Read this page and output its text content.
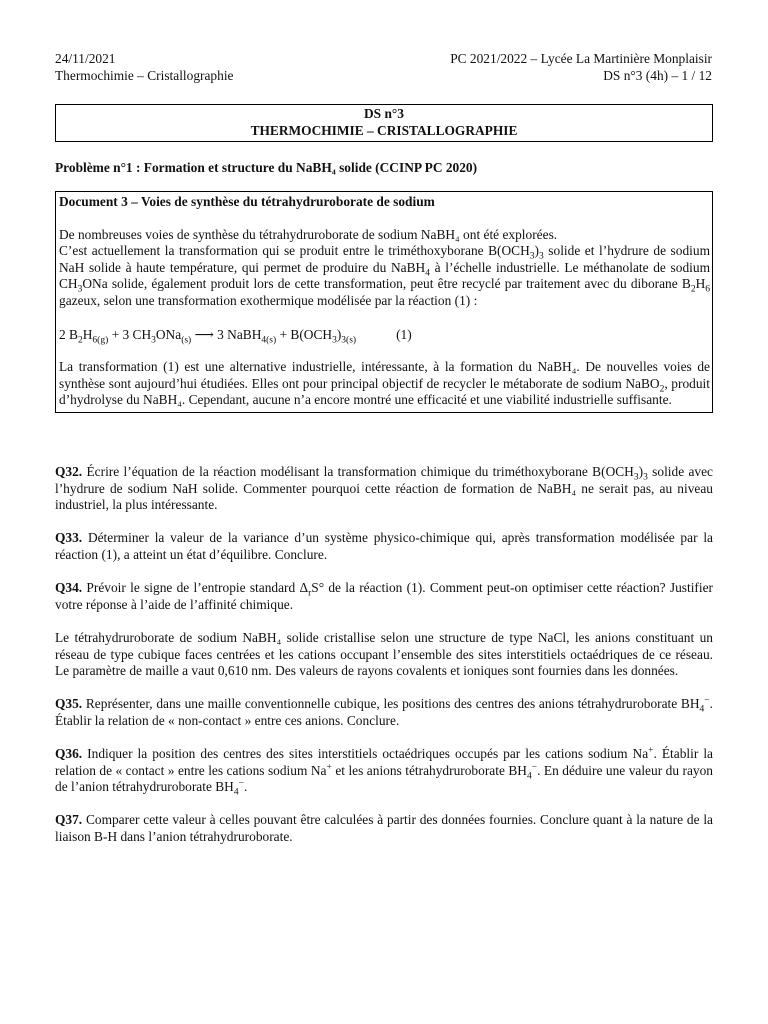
24/11/2021	PC 2021/2022 – Lycée La Martinière Monplaisir
Thermochimie – Cristallographie	DS n°3 (4h) – 1 / 12
DS n°3
THERMOCHIMIE – CRISTALLOGRAPHIE
Problème n°1 : Formation et structure du NaBH₄ solide (CCINP PC 2020)
Document 3 – Voies de synthèse du tétrahydruroborate de sodium

De nombreuses voies de synthèse du tétrahydruroborate de sodium NaBH₄ ont été explorées.

C’est actuellement la transformation qui se produit entre le triméthoxyborane $B(OCH_3)_3$ solide et l’hydrure de sodium NaH solide à haute température, qui permet de produire du NaBH$_4$ à l’échelle industrielle. Le méthanolate de sodium $CH_3ONa$ solide, également produit lors de cette transformation, peut être recyclé par traitement avec du diborane $B_2H_6$ gazeux, selon une transformation exothermique modélisée par la réaction (1) :

2 $B_2H_{6(g)} + 3$ $CH_3ONa_{(s)}$ ⟶ 3 NaBH$_{4(s)}$ + $B(OCH_3)_{3(s)}$	(1)

La transformation (1) est une alternative industrielle, intéressante, à la formation du NaBH₄. De nouvelles voies de synthèse sont aujourd’hui étudiées. Elles ont pour principal objectif de recycler le métaborate de sodium NaBO$_2$, produit d’hydrolyse du NaBH₄. Cependant, aucune n’a encore montré une efficacité et une viabilité industrielle suffisante.

Q32. Écrire l’équation de la réaction modélisant la transformation chimique du triméthoxyborane $B(OCH_3)_3$ solide avec l’hydrure de sodium NaH solide. Commenter pourquoi cette réaction de formation de NaBH₄ ne serait pas, au niveau industriel, la plus intéressante.

Q33. Déterminer la valeur de la variance d’un système physico-chimique qui, après transformation modélisée par la réaction (1), a atteint un état d’équilibre. Conclure.

Q34. Prévoir le signe de l’entropie standard $\Delta_rS^\circ$ de la réaction (1). Comment peut-on optimiser cette réaction? Justifier votre réponse à l’aide de l’affinité chimique.

Le tétrahydruroborate de sodium NaBH₄ solide cristallise selon une structure de type NaCl, les anions constituant un réseau de type cubique faces centrées et les cations occupant l’ensemble des sites interstitiels octaédriques de ce réseau. Le paramètre de maille a vaut 0,610 nm. Des valeurs de rayons covalents et ioniques sont fournies dans les données.

Q35. Représenter, dans une maille conventionnelle cubique, les positions des centres des anions tétrahydruroborate $BH_4^-$. Établir la relation de « non-contact » entre ces anions. Conclure.

Q36. Indiquer la position des centres des sites interstitiels octaédriques occupés par les cations sodium Na+. Établir la relation de « contact » entre les cations sodium Na+ et les anions tétrahydruroborate $BH_4^-$. En déduire une valeur du rayon de l’anion tétrahydruroborate $BH_4^-$.

Q37. Comparer cette valeur à celles pouvant être calculées à partir des données fournies. Conclure quant à la nature de la liaison B-H dans l’anion tétrahydruroborate.
